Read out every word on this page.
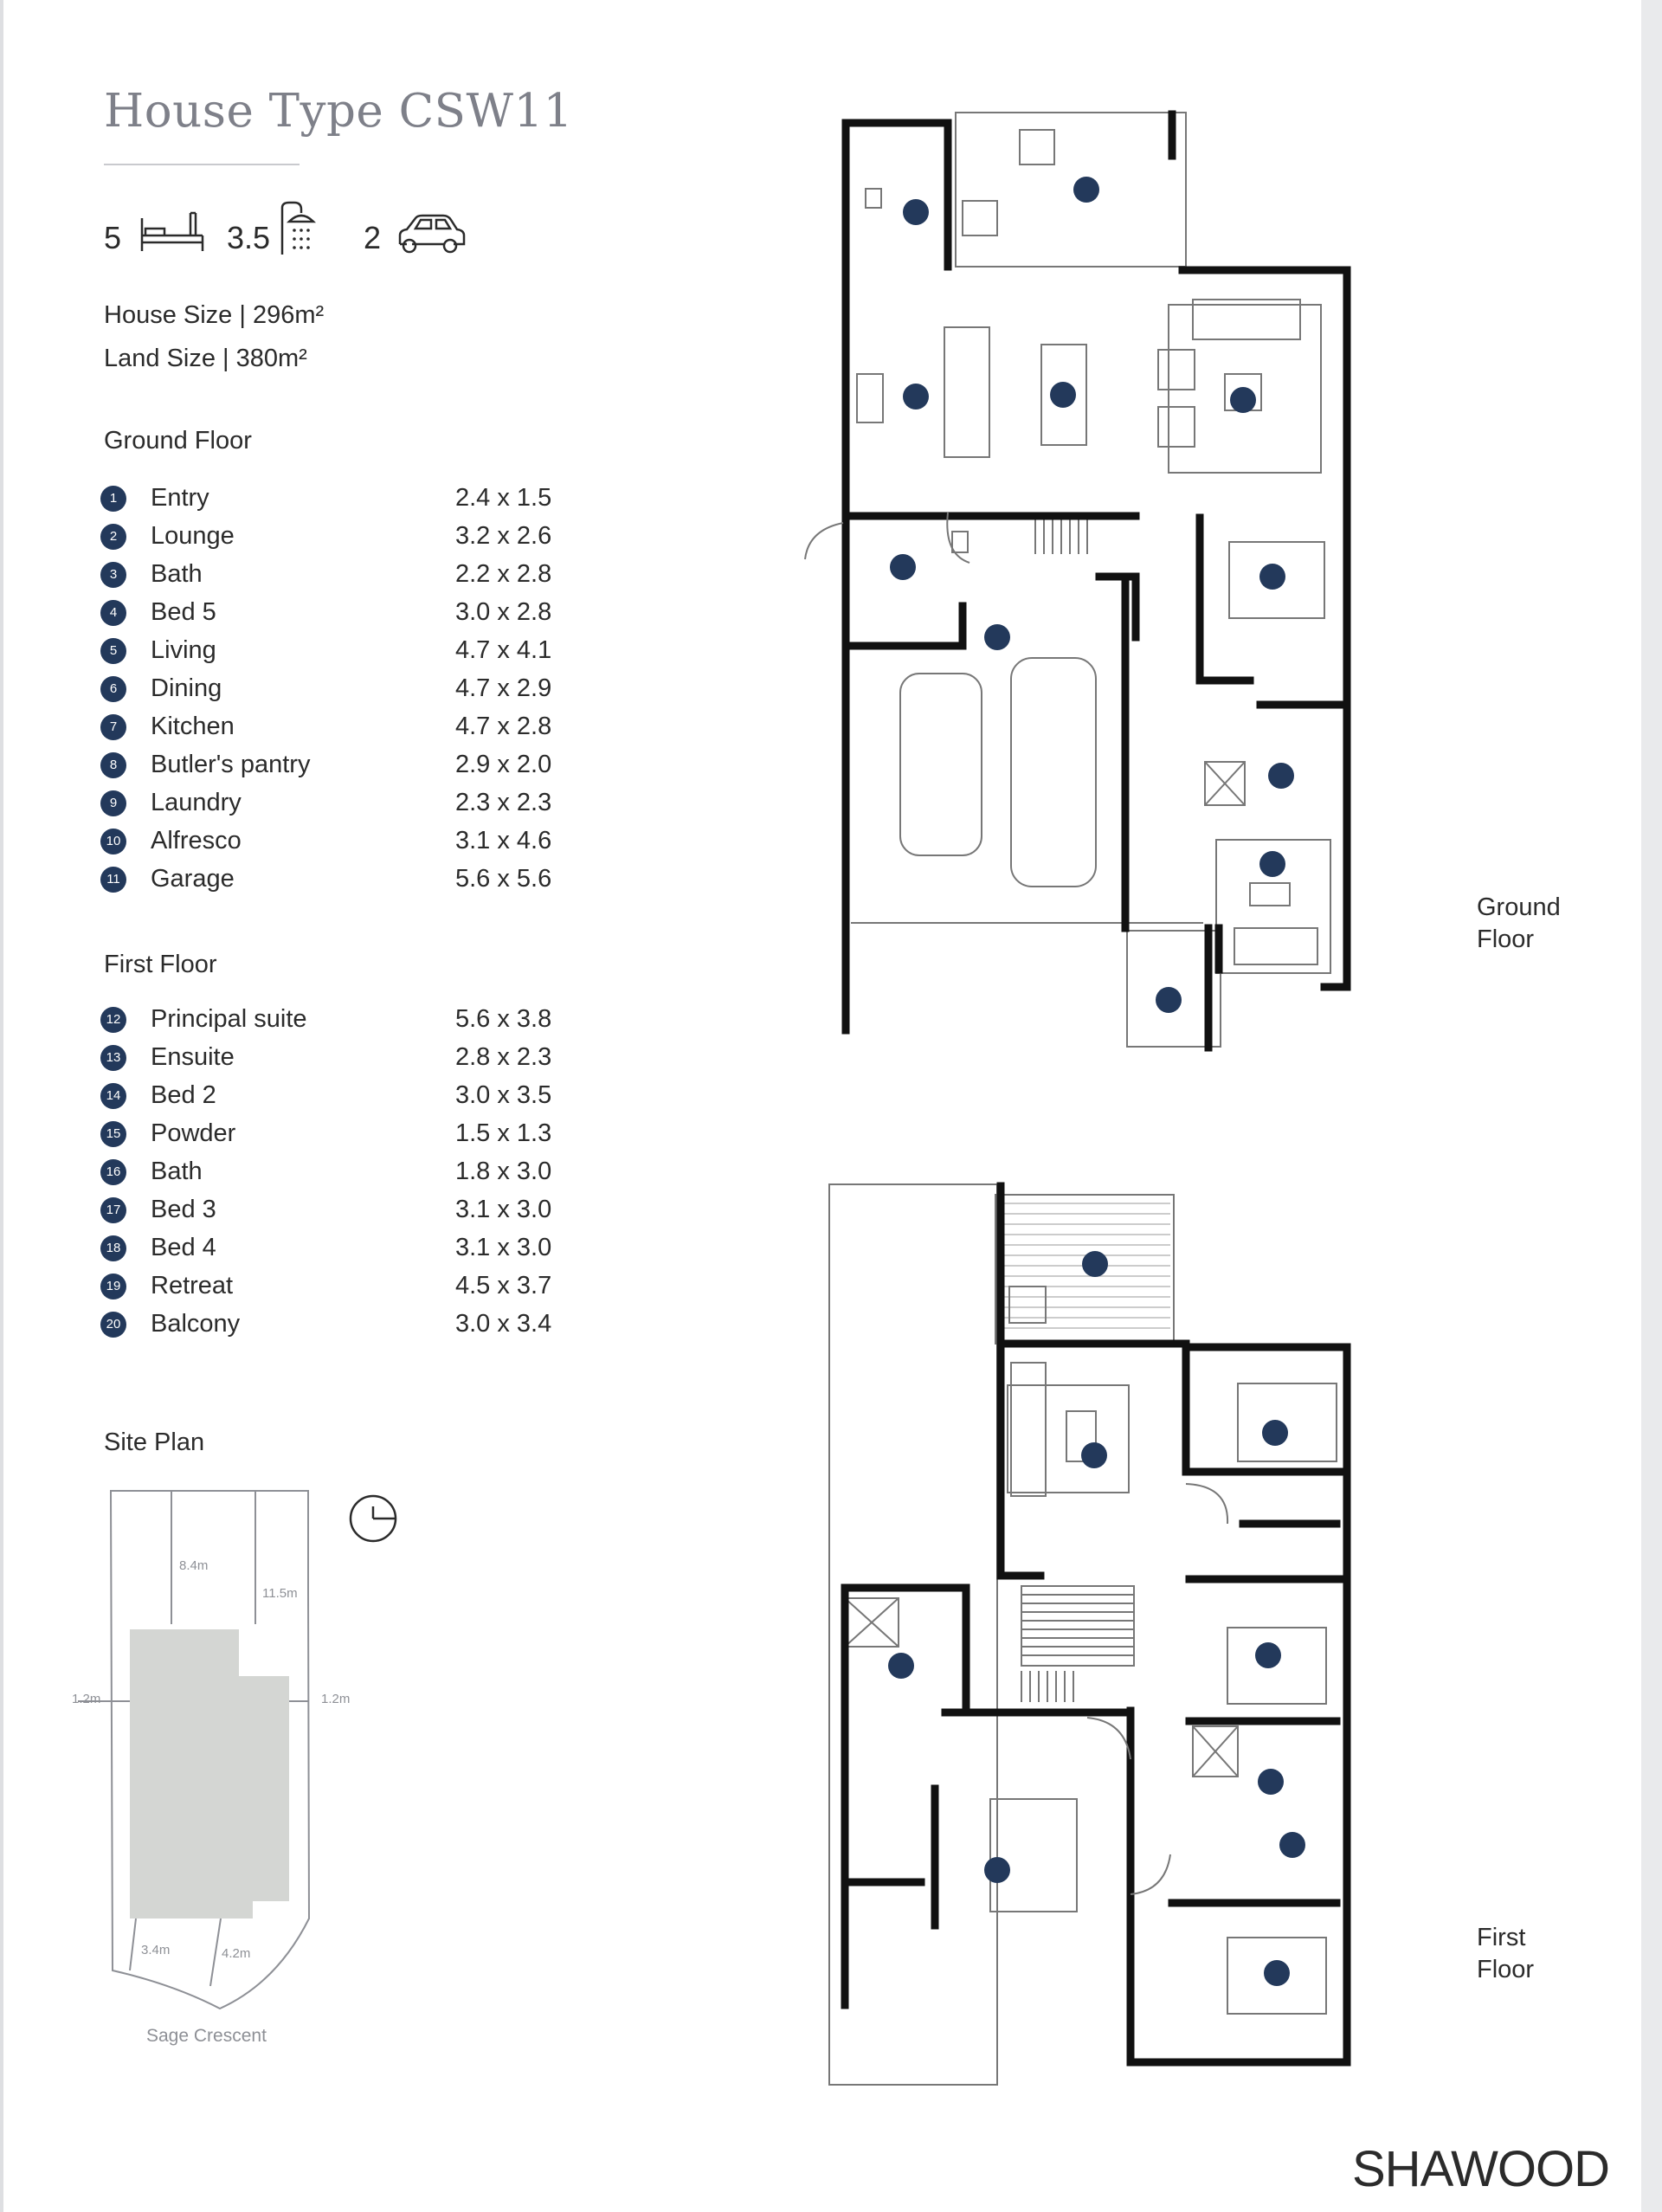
House Type CSW11
5	3.5	2
House Size | 296m²
Land Size | 380m²
Ground Floor
1	Entry	2.4 x 1.5
2	Lounge	3.2 x 2.6
3	Bath	2.2 x 2.8
4	Bed 5	3.0 x 2.8
5	Living	4.7 x 4.1
6	Dining	4.7 x 2.9
7	Kitchen	4.7 x 2.8
8	Butler's pantry	2.9 x 2.0
9	Laundry	2.3 x 2.3
10 Alfresco	3.1 x 4.6
11 Garage	5.6 x 5.6
First Floor
12 Principal suite	5.6 x 3.8
13 Ensuite	2.8 x 2.3
14 Bed 2	3.0 x 3.5
15 Powder	1.5 x 1.3
16 Bath	1.8 x 3.0
17 Bed 3	3.1 x 3.0
18 Bed 4	3.1 x 3.0
19 Retreat	4.5 x 3.7
20 Balcony	3.0 x 3.4
Site Plan
8.4m
11.5m
1.2m	1.2m
3.4m	4.2m
Sage Crescent
Ground
Floor
First
Floor
SHAWOOD
